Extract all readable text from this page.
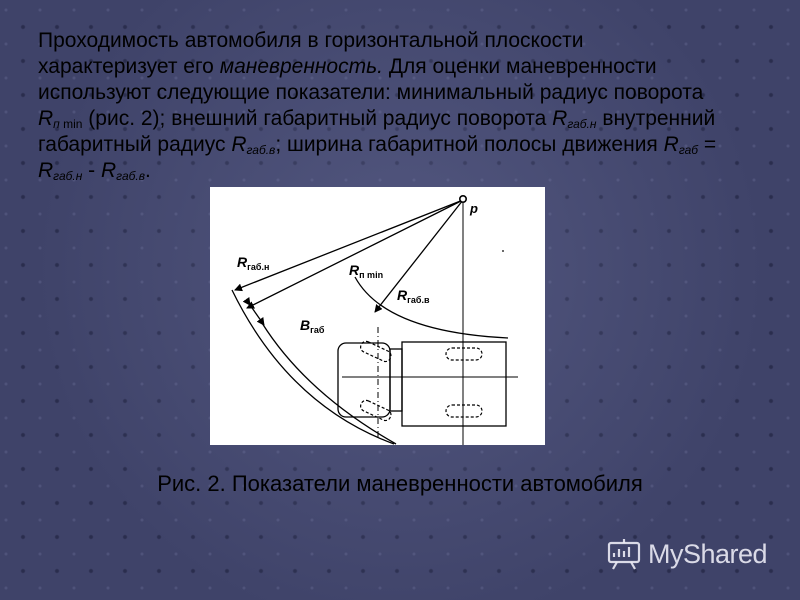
Проходимость автомобиля в горизонтальной плоскости
характеризует его маневренность. Для оценки маневренности
используют следующие показатели: минимальный радиус поворота
$R_{п min}$ (рис. 2); внешний габаритный радиус поворота $R_{габ.н}$ внутренний
габаритный радиус $R_{габ.в}$; ширина габаритной полосы движения $R_{габ}$ =
$R_{габ.н} - R_{габ.в}$.

p
$R_{габ.н}$	$R_{п min}$
$R_{габ.в}$
$B_{габ}$

Рис. 2. Показатели маневренности автомобиля

MyShared
